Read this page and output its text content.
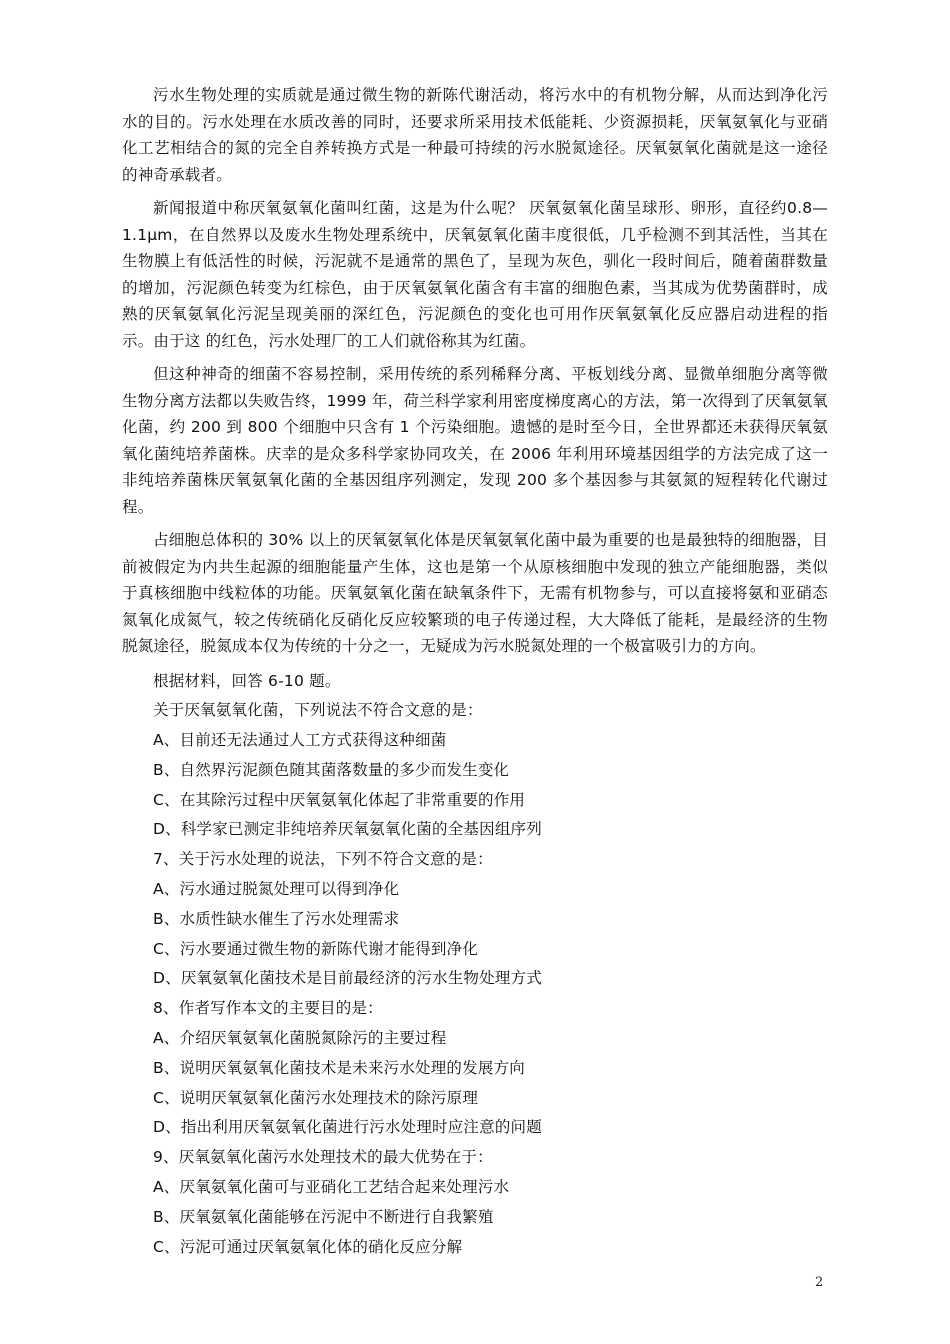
污水生物处理的实质就是通过微生物的新陈代谢活动，将污水中的有机物分解，从而达到净化污水的目的。污水处理在水质改善的同时，还要求所采用技术低能耗、少资源损耗，厌氧氨氧化与亚硝化工艺相结合的氮的完全自养转换方式是一种最可持续的污水脱氮途径。厌氧氨氧化菌就是这一途径的神奇承载者。

新闻报道中称厌氧氨氧化菌叫红菌，这是为什么呢？ 厌氧氨氧化菌呈球形、卵形，直径约0.8—1.1μm，在自然界以及废水生物处理系统中，厌氧氨氧化菌丰度很低，几乎检测不到其活性，当其在生物膜上有低活性的时候，污泥就不是通常的黑色了，呈现为灰色，驯化一段时间后，随着菌群数量的增加，污泥颜色转变为红棕色，由于厌氧氨氧化菌含有丰富的细胞色素，当其成为优势菌群时，成熟的厌氧氨氧化污泥呈现美丽的深红色，污泥颜色的变化也可用作厌氧氨氧化反应器启动进程的指示。由于这 的红色，污水处理厂的工人们就俗称其为红菌。

但这种神奇的细菌不容易控制，采用传统的系列稀释分离、平板划线分离、显微单细胞分离等微生物分离方法都以失败告终，1999 年，荷兰科学家利用密度梯度离心的方法，第一次得到了厌氧氨氧化菌，约 200 到 800 个细胞中只含有 1 个污染细胞。遗憾的是时至今日，全世界都还未获得厌氧氨氧化菌纯培养菌株。庆幸的是众多科学家协同攻关，在 2006 年利用环境基因组学的方法完成了这一非纯培养菌株厌氧氨氧化菌的全基因组序列测定，发现 200 多个基因参与其氨氮的短程转化代谢过程。

占细胞总体积的 30% 以上的厌氧氨氧化体是厌氧氨氧化菌中最为重要的也是最独特的细胞器，目前被假定为内共生起源的细胞能量产生体，这也是第一个从原核细胞中发现的独立产能细胞器，类似于真核细胞中线粒体的功能。厌氧氨氧化菌在缺氧条件下，无需有机物参与，可以直接将氨和亚硝态氮氧化成氮气，较之传统硝化反硝化反应较繁琐的电子传递过程，大大降低了能耗，是最经济的生物脱氮途径，脱氮成本仅为传统的十分之一，无疑成为污水脱氮处理的一个极富吸引力的方向。

根据材料，回答 6-10 题。

关于厌氧氨氧化菌，下列说法不符合文意的是：

A、目前还无法通过人工方式获得这种细菌

B、自然界污泥颜色随其菌落数量的多少而发生变化

C、在其除污过程中厌氧氨氧化体起了非常重要的作用

D、科学家已测定非纯培养厌氧氨氧化菌的全基因组序列

7、关于污水处理的说法，下列不符合文意的是：

A、污水通过脱氮处理可以得到净化

B、水质性缺水催生了污水处理需求

C、污水要通过微生物的新陈代谢才能得到净化

D、厌氧氨氧化菌技术是目前最经济的污水生物处理方式

8、作者写作本文的主要目的是：

A、介绍厌氧氨氧化菌脱氮除污的主要过程

B、说明厌氧氨氧化菌技术是未来污水处理的发展方向

C、说明厌氧氨氧化菌污水处理技术的除污原理

D、指出利用厌氧氨氧化菌进行污水处理时应注意的问题

9、厌氧氨氧化菌污水处理技术的最大优势在于：

A、厌氧氨氧化菌可与亚硝化工艺结合起来处理污水

B、厌氧氨氧化菌能够在污泥中不断进行自我繁殖

C、污泥可通过厌氧氨氧化体的硝化反应分解

2
